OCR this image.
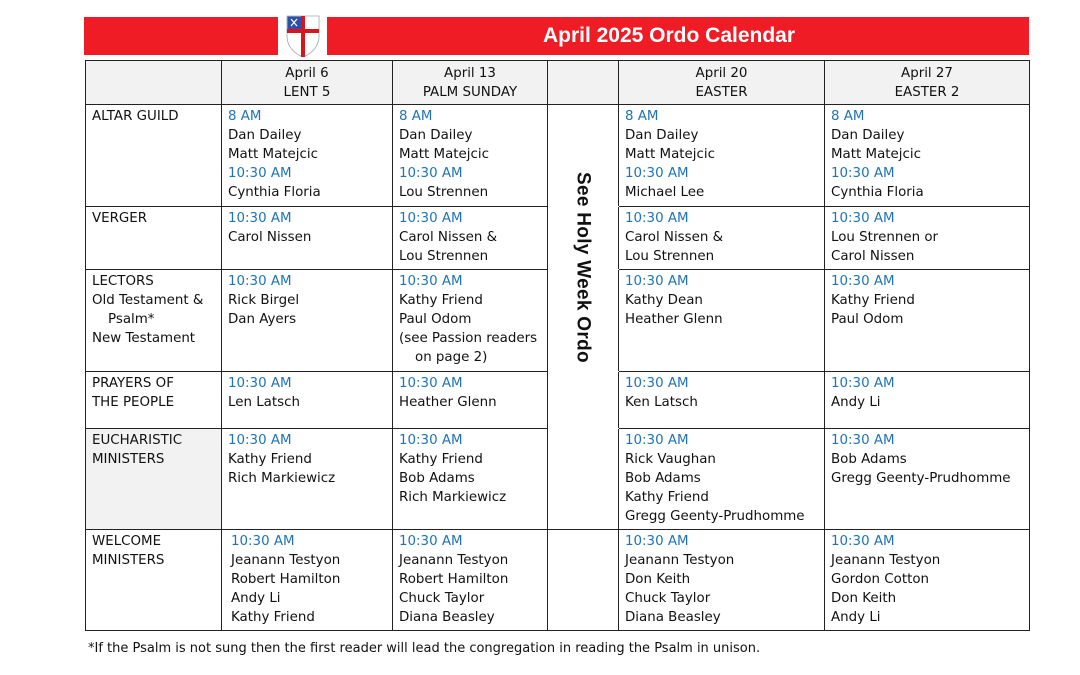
April 2025 Ordo Calendar

	April 6
LENT 5	April 13
PALM SUNDAY		April 20
EASTER	April 27
EASTER 2

ALTAR GUILD	8 AM
Dan Dailey
Matt Matejcic
10:30 AM
Cynthia Floria	8 AM
Dan Dailey
Matt Matejcic
10:30 AM
Lou Strennen		8 AM
Dan Dailey
Matt Matejcic
10:30 AM
Michael Lee	8 AM
Dan Dailey
Matt Matejcic
10:30 AM
Cynthia Floria

VERGER	10:30 AM
Carol Nissen	10:30 AM
Carol Nissen &
Lou Strennen		10:30 AM
Carol Nissen &
Lou Strennen	10:30 AM
Lou Strennen or
Carol Nissen

LECTORS
Old Testament &
Psalm*
New Testament	10:30 AM
Rick Birgel
Dan Ayers	10:30 AM
Kathy Friend
Paul Odom
(see Passion readers
on page 2)		10:30 AM
Kathy Dean
Heather Glenn	10:30 AM
Kathy Friend
Paul Odom

PRAYERS OF
THE PEOPLE	10:30 AM
Len Latsch	10:30 AM
Heather Glenn		10:30 AM
Ken Latsch	10:30 AM
Andy Li

EUCHARISTIC
MINISTERS	10:30 AM
Kathy Friend
Rich Markiewicz	10:30 AM
Kathy Friend
Bob Adams
Rich Markiewicz		10:30 AM
Rick Vaughan
Bob Adams
Kathy Friend
Gregg Geenty-Prudhomme	10:30 AM
Bob Adams
Gregg Geenty-Prudhomme

WELCOME
MINISTERS	10:30 AM
Jeanann Testyon
Robert Hamilton
Andy Li
Kathy Friend	10:30 AM
Jeanann Testyon
Robert Hamilton
Chuck Taylor
Diana Beasley		10:30 AM
Jeanann Testyon
Don Keith
Chuck Taylor
Diana Beasley	10:30 AM
Jeanann Testyon
Gordon Cotton
Don Keith
Andy Li
See Holy Week Ordo
*If the Psalm is not sung then the first reader will lead the congregation in reading the Psalm in unison.
